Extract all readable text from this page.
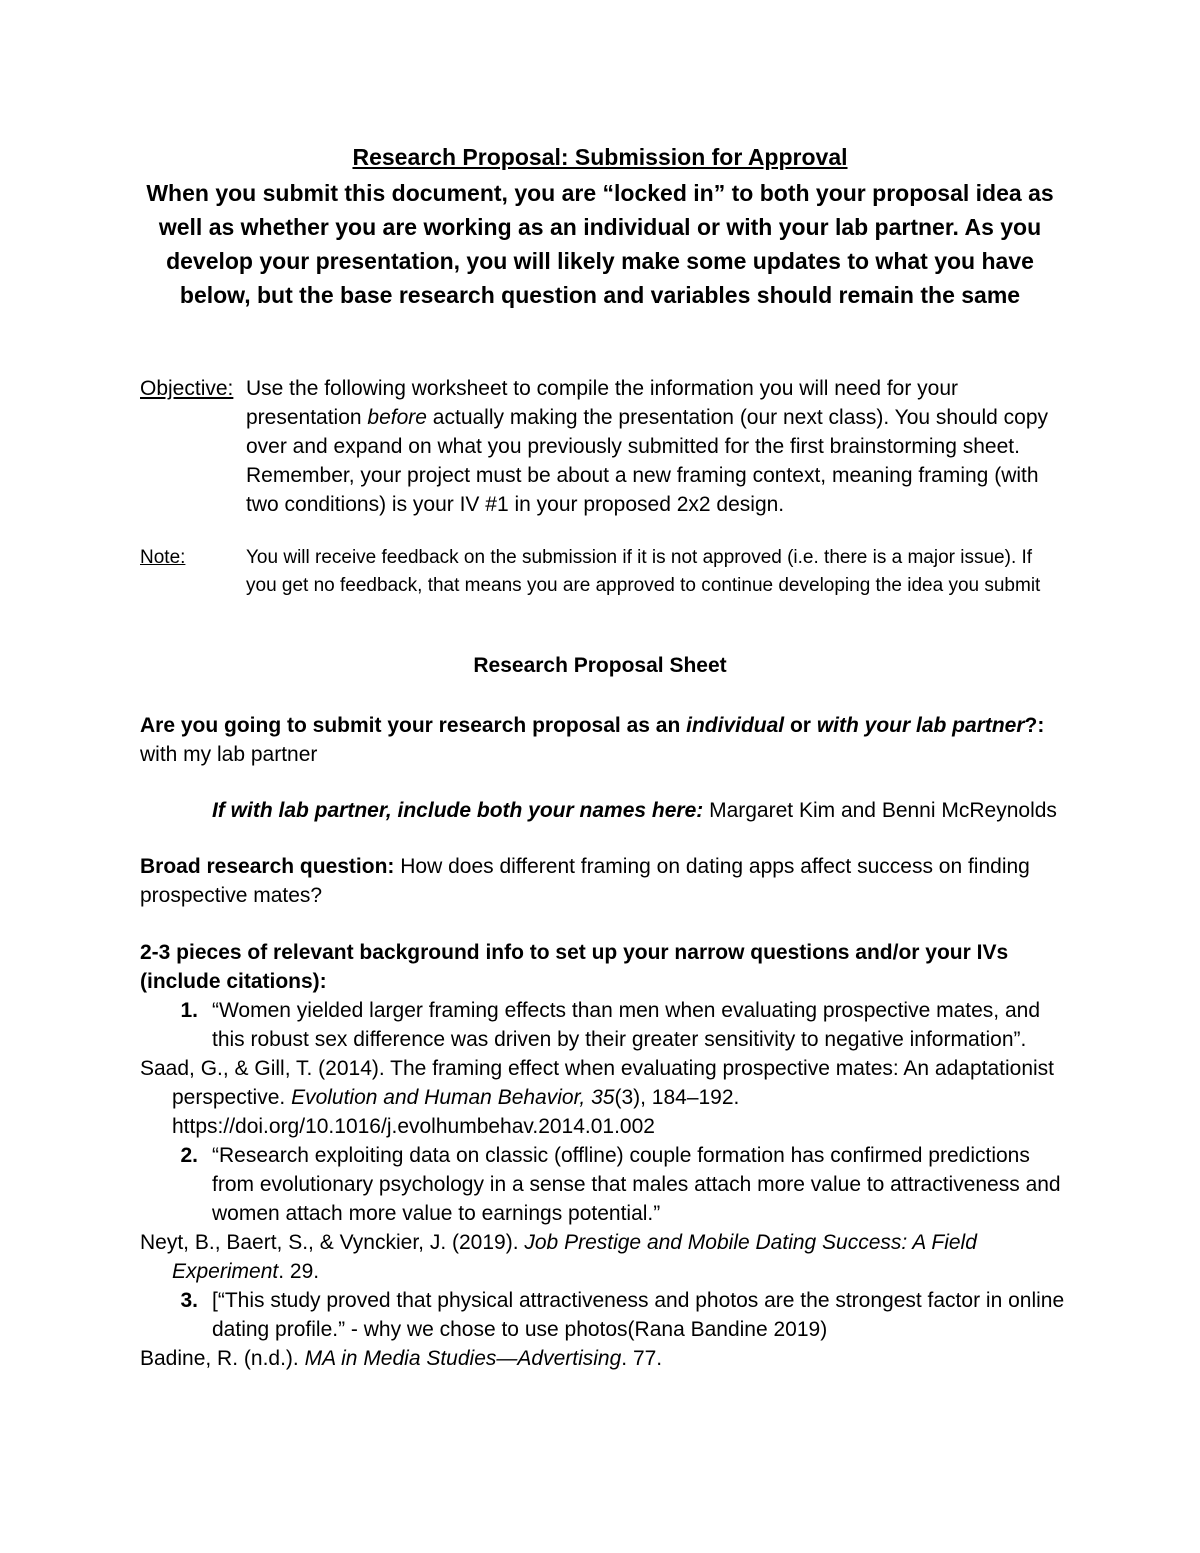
Research Proposal: Submission for Approval
When you submit this document, you are “locked in” to both your proposal idea as well as whether you are working as an individual or with your lab partner. As you develop your presentation, you will likely make some updates to what you have below, but the base research question and variables should remain the same
Objective: Use the following worksheet to compile the information you will need for your presentation before actually making the presentation (our next class). You should copy over and expand on what you previously submitted for the first brainstorming sheet. Remember, your project must be about a new framing context, meaning framing (with two conditions) is your IV #1 in your proposed 2x2 design.
Note:	You will receive feedback on the submission if it is not approved (i.e. there is a major issue). If you get no feedback, that means you are approved to continue developing the idea you submit
Research Proposal Sheet
Are you going to submit your research proposal as an individual or with your lab partner?:
with my lab partner
If with lab partner, include both your names here: Margaret Kim and Benni McReynolds
Broad research question: How does different framing on dating apps affect success on finding prospective mates?
2-3 pieces of relevant background info to set up your narrow questions and/or your IVs (include citations):
1. “Women yielded larger framing effects than men when evaluating prospective mates, and this robust sex difference was driven by their greater sensitivity to negative information”.
Saad, G., & Gill, T. (2014). The framing effect when evaluating prospective mates: An adaptationist perspective. Evolution and Human Behavior, 35(3), 184–192. https://doi.org/10.1016/j.evolhumbehav.2014.01.002
2. “Research exploiting data on classic (offline) couple formation has confirmed predictions from evolutionary psychology in a sense that males attach more value to attractiveness and women attach more value to earnings potential.”
Neyt, B., Baert, S., & Vynckier, J. (2019). Job Prestige and Mobile Dating Success: A Field Experiment. 29.
3. [“This study proved that physical attractiveness and photos are the strongest factor in online dating profile.” - why we chose to use photos(Rana Bandine 2019)
Badine, R. (n.d.). MA in Media Studies—Advertising. 77.
